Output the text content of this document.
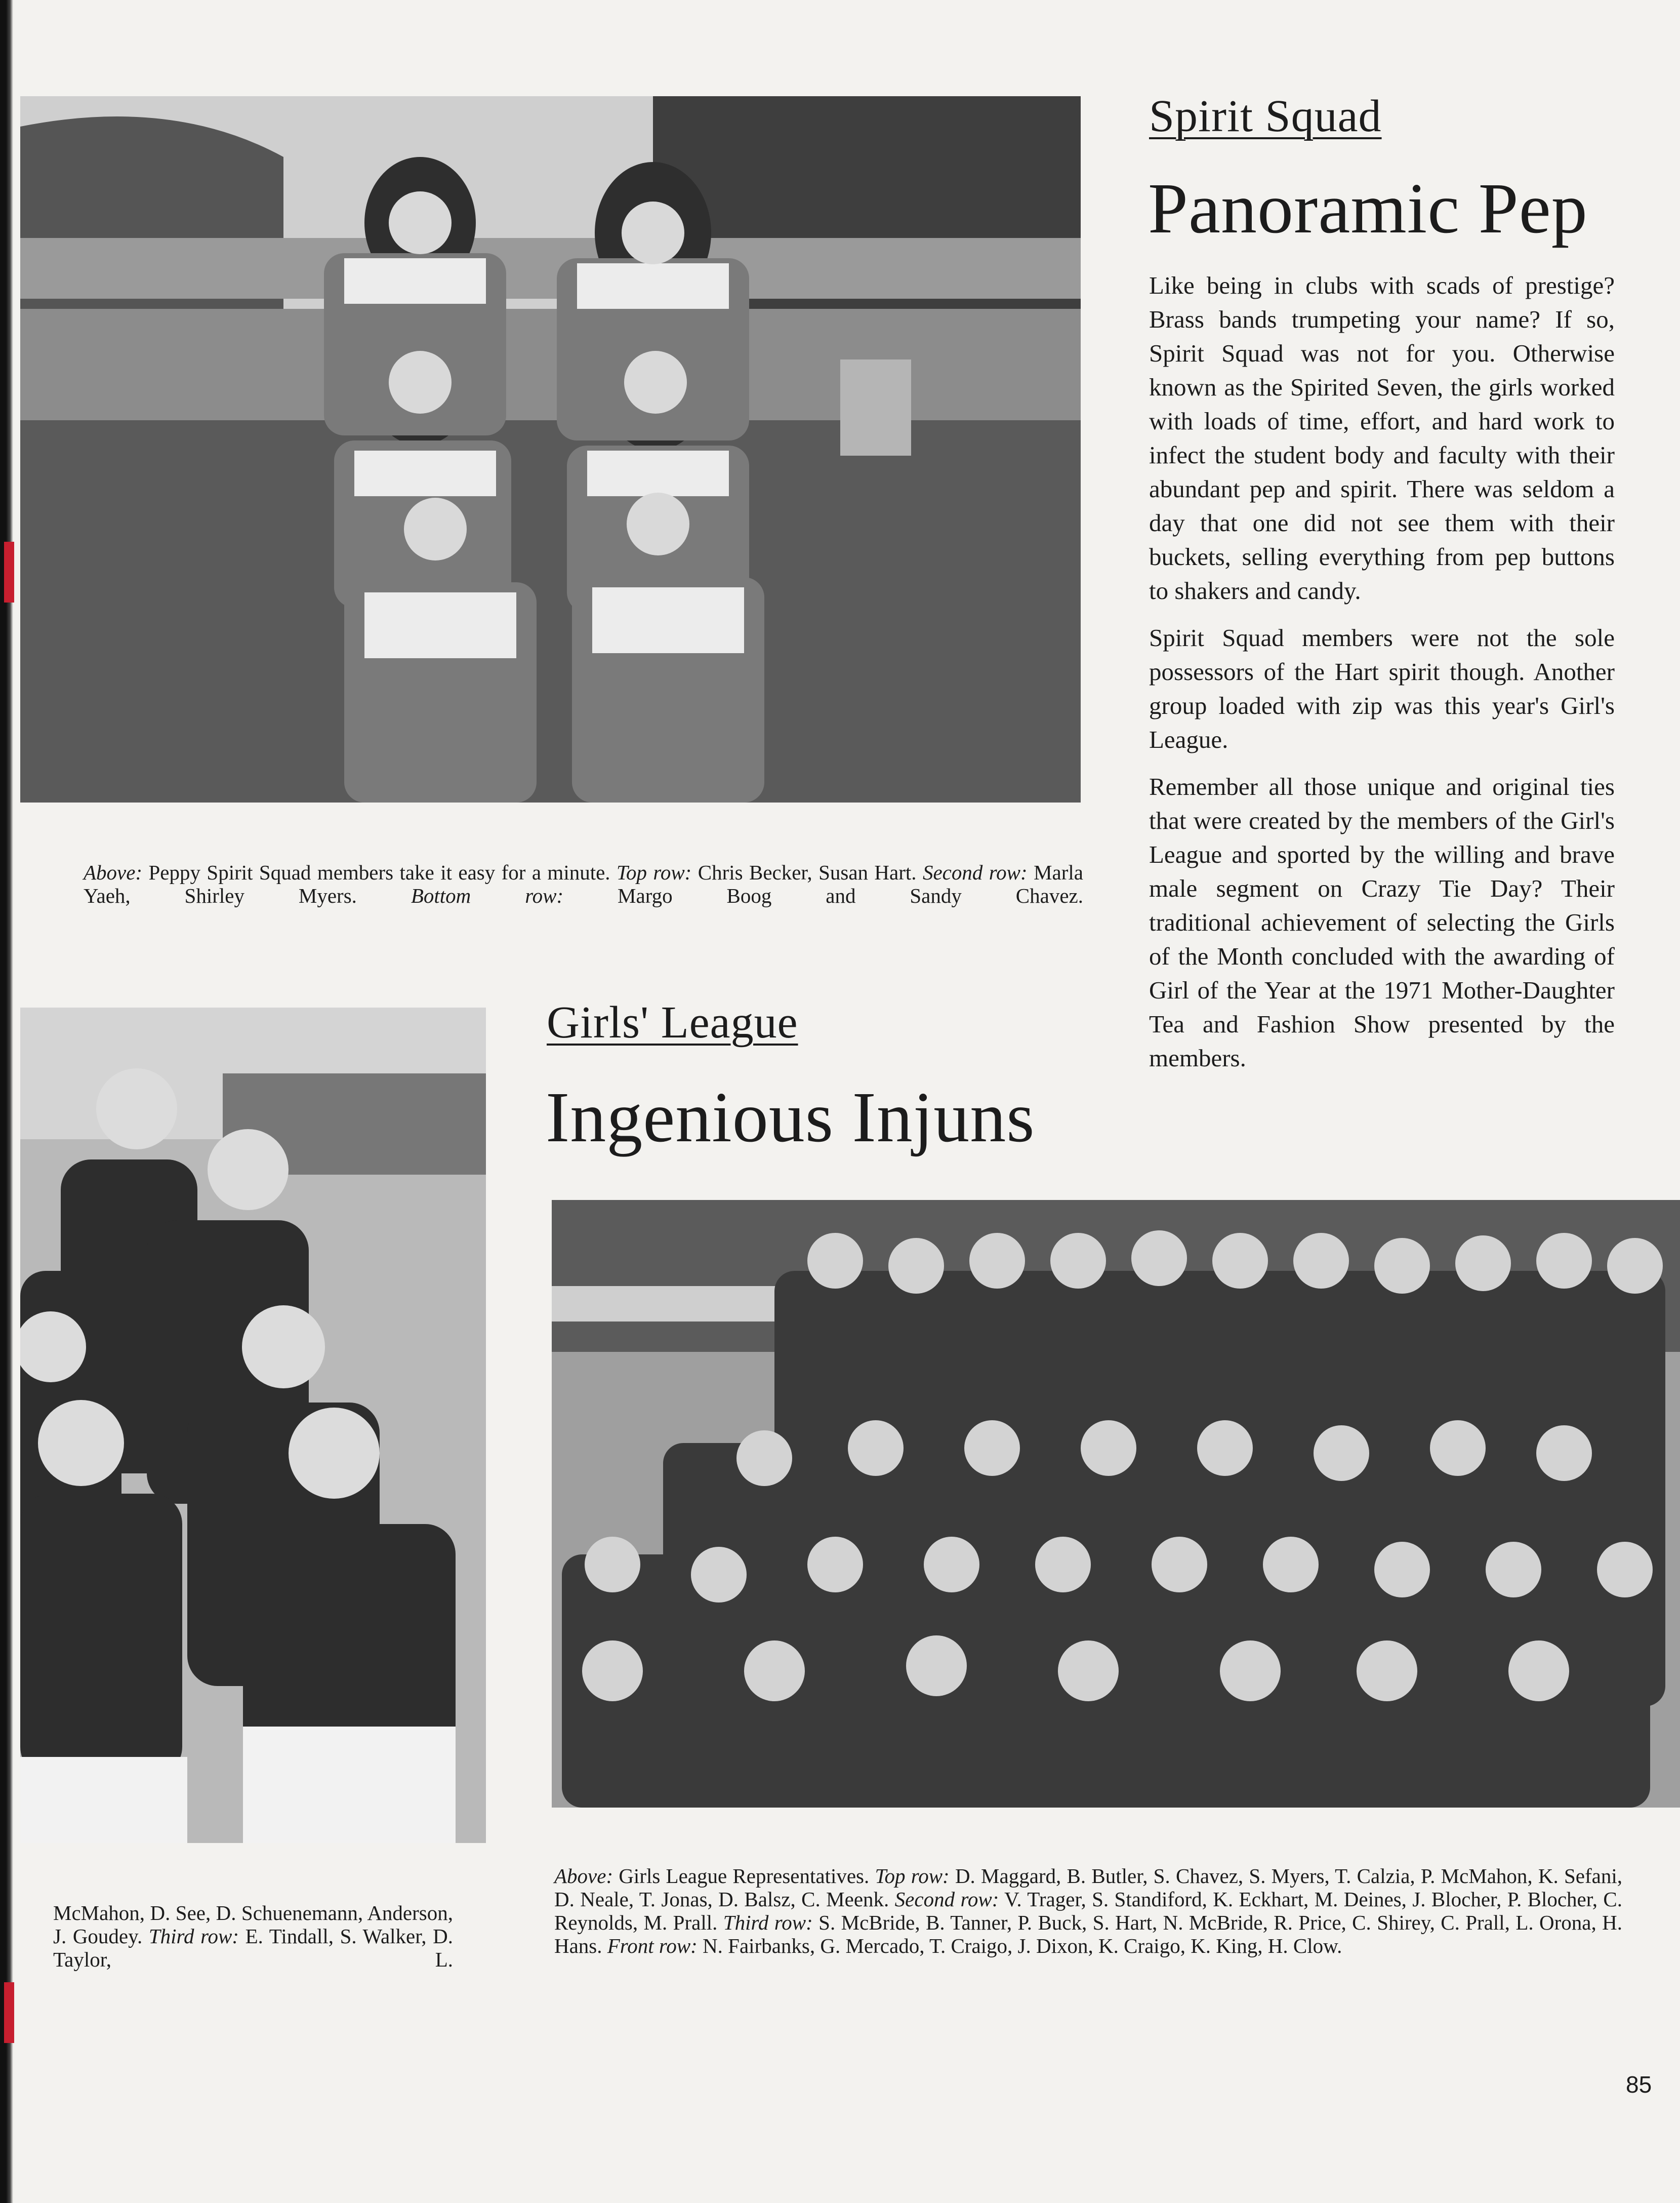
Above: Peppy Spirit Squad members take it easy for a minute. Top row: Chris Becker, Susan Hart. Second row: Marla Yaeh, Shirley Myers. Bottom row: Margo Boog and Sandy Chavez.

Spirit Squad
Panoramic Pep

Like being in clubs with scads of prestige? Brass bands trumpeting your name? If so, Spirit Squad was not for you. Otherwise known as the Spirited Seven, the girls worked with loads of time, effort, and hard work to infect the student body and faculty with their abundant pep and spirit. There was seldom a day that one did not see them with their buckets, selling everything from pep buttons to shakers and candy.

Spirit Squad members were not the sole possessors of the Hart spirit though. Another group loaded with zip was this year's Girl's League.

Remember all those unique and original ties that were created by the members of the Girl's League and sported by the willing and brave male segment on Crazy Tie Day? Their traditional achievement of selecting the Girls of the Month concluded with the awarding of Girl of the Year at the 1971 Mother-Daughter Tea and Fashion Show presented by the members.

McMahon, D. See, D. Schuenemann, Anderson, J. Goudey. Third row: E. Tindall, S. Walker, D. Taylor, L.

Girls' League
Ingenious Injuns

Above: Girls League Representatives. Top row: D. Maggard, B. Butler, S. Chavez, S. Myers, T. Calzia, P. McMahon, K. Sefani, D. Neale, T. Jonas, D. Balsz, C. Meenk. Second row: V. Trager, S. Standiford, K. Eckhart, M. Deines, J. Blocher, P. Blocher, C. Reynolds, M. Prall. Third row: S. McBride, B. Tanner, P. Buck, S. Hart, N. McBride, R. Price, C. Shirey, C. Prall, L. Orona, H. Hans. Front row: N. Fairbanks, G. Mercado, T. Craigo, J. Dixon, K. Craigo, K. King, H. Clow.

85
